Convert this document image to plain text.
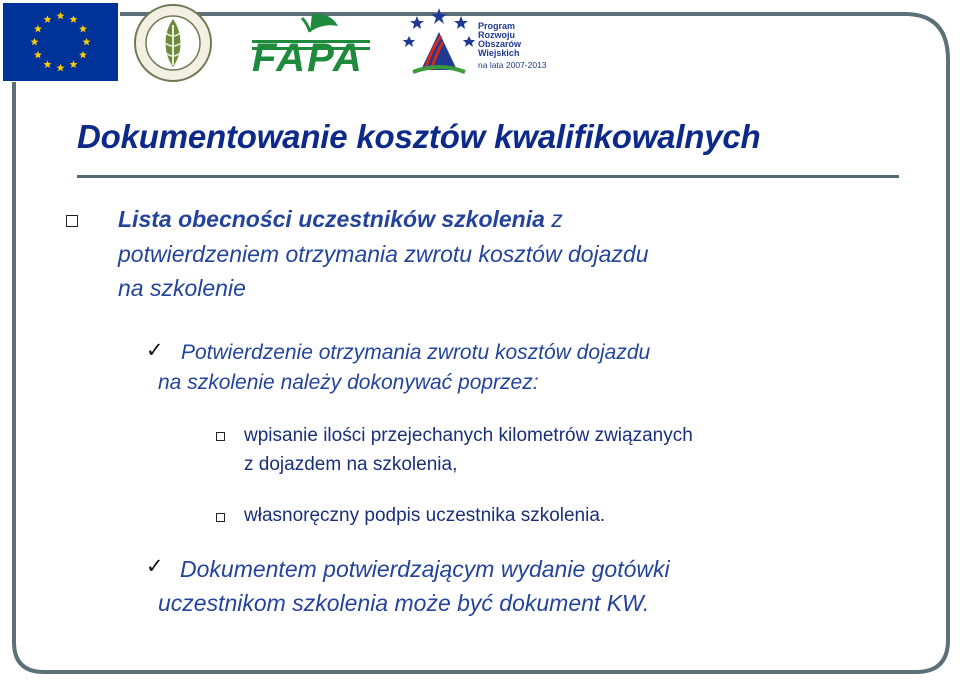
FAPA
Program
Rozwoju
Obszarów
Wiejskich
na lata 2007-2013
Dokumentowanie kosztów kwalifikowalnych

Lista obecności uczestników szkolenia z
potwierdzeniem otrzymania zwrotu kosztów dojazdu
na szkolenie

✓ Potwierdzenie otrzymania zwrotu kosztów dojazdu

na szkolenie należy dokonywać poprzez:

wpisanie ilości przejechanych kilometrów związanych
z dojazdem na szkolenia,

własnoręczny podpis uczestnika szkolenia.

✓ Dokumentem potwierdzającym wydanie gotówki

uczestnikom szkolenia może być dokument KW.
